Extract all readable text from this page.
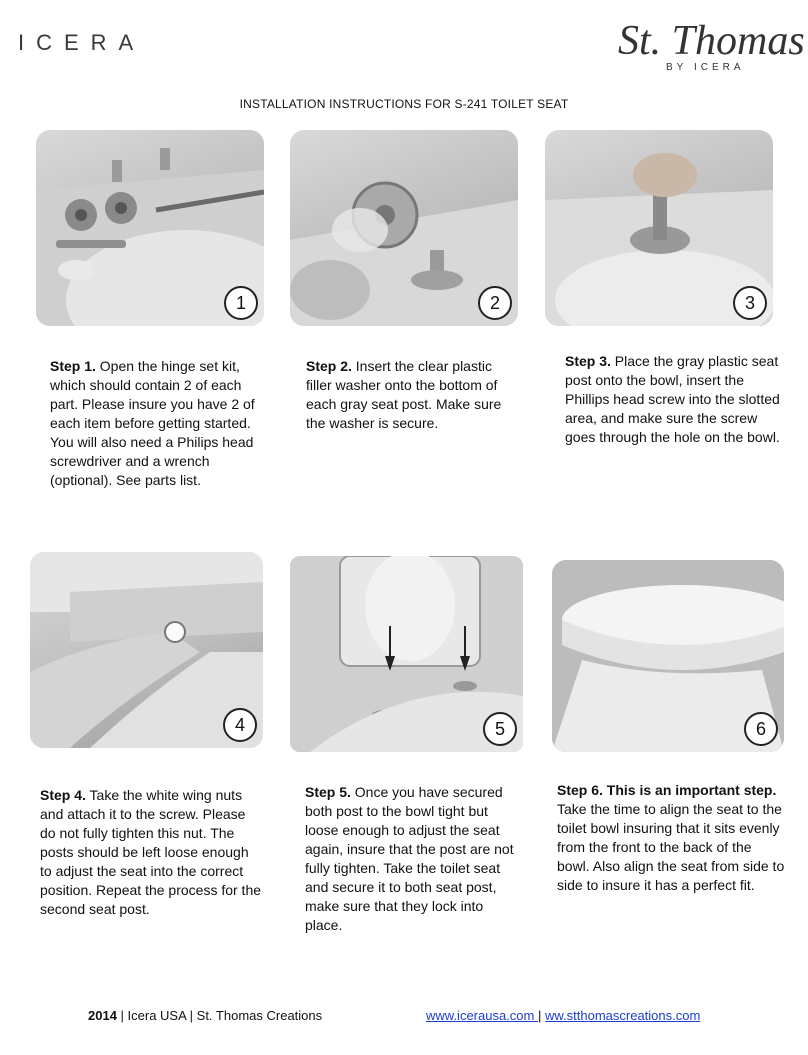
ICERA	St. Thomas
BY ICERA
INSTALLATION INSTRUCTIONS FOR S-241 TOILET SEAT
1	2	3
Step 1. Open the hinge set kit, which should contain 2 of each part. Please insure you have 2 of each item before getting started. You will also need a Philips head screwdriver and a wrench (optional). See parts list.
Step 2. Insert the clear plastic filler washer onto the bottom of each gray seat post. Make sure the washer is secure.
Step 3. Place the gray plastic seat post onto the bowl, insert the Phillips head screw into the slotted area, and make sure the screw goes through the hole on the bowl.
4	5	6
Step 4. Take the white wing nuts and attach it to the screw. Please do not fully tighten this nut. The posts should be left loose enough to adjust the seat into the correct position. Repeat the process for the second seat post.
Step 5. Once you have secured both post to the bowl tight but loose enough to adjust the seat again, insure that the post are not fully tighten. Take the toilet seat and secure it to both seat post, make sure that they lock into place.
Step 6. This is an important step. Take the time to align the seat to the toilet bowl insuring that it sits evenly from the front to the back of the bowl. Also align the seat from side to side to insure it has a perfect fit.
2014 | Icera USA | St. Thomas Creations	www.icerausa.com | ww.stthomascreations.com
